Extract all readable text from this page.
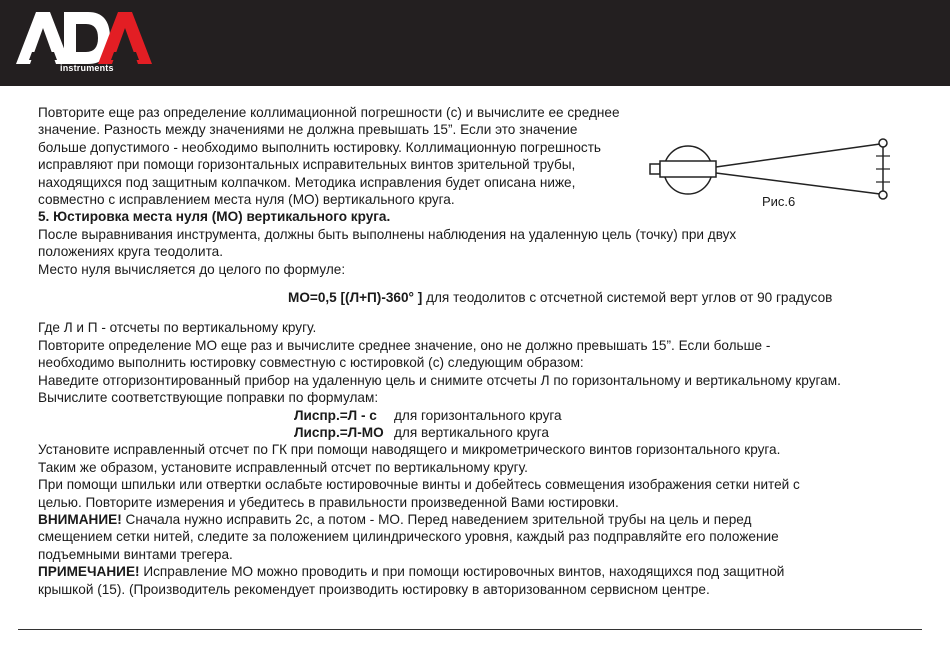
instruments

Повторите еще раз определение коллимационной погрешности (с) и вычислите ее среднее

значение. Разность между значениями не должна превышать 15”. Если это значение

больше допустимого - необходимо выполнить юстировку. Коллимационную погрешность

исправляют при помощи горизонтальных исправительных винтов зрительной трубы,

находящихся под защитным колпачком. Методика исправления будет описана ниже,

совместно с исправлением места нуля (МО) вертикального круга.

5. Юстировка места нуля (МО) вертикального круга.

После выравнивания инструмента, должны быть выполнены наблюдения на удаленную цель (точку) при двух

положениях круга теодолита.

Место нуля вычисляется до целого по формуле:

МО=0,5 [(Л+П)-360° ] для теодолитов с отсчетной системой верт углов от 90 градусов

Где Л и П - отсчеты по вертикальному кругу.

Повторите определение МО еще раз и вычислите среднее значение, оно не должно превышать 15”. Если больше -

необходимо выполнить юстировку совместную с юстировкой (с) следующим образом:

Наведите отгоризонтированный прибор на удаленную цель и снимите отсчеты Л по горизонтальному и вертикальному кругам.

Вычислите соответствующие поправки по формулам:

Лиспр.=Л - с для горизонтального круга

Лиспр.=Л-МО для вертикального круга

Установите исправленный отсчет по ГК при помощи наводящего и микрометрического винтов горизонтального круга.

Таким же образом, установите исправленный отсчет по вертикальному кругу.

При помощи шпильки или отвертки ослабьте юстировочные винты и добейтесь совмещения изображения сетки нитей с

целью. Повторите измерения и убедитесь в правильности произведенной Вами юстировки.

ВНИМАНИЕ! Сначала нужно исправить 2с, а потом - МО. Перед наведением зрительной трубы на цель и перед

смещением сетки нитей, следите за положением цилиндрического уровня, каждый раз подправляйте его положение

подъемными винтами трегера.

ПРИМЕЧАНИЕ! Исправление МО можно проводить и при помощи юстировочных винтов, находящихся под защитной

крышкой (15). (Производитель рекомендует производить юстировку в авторизованном сервисном центре.

Рис.6
